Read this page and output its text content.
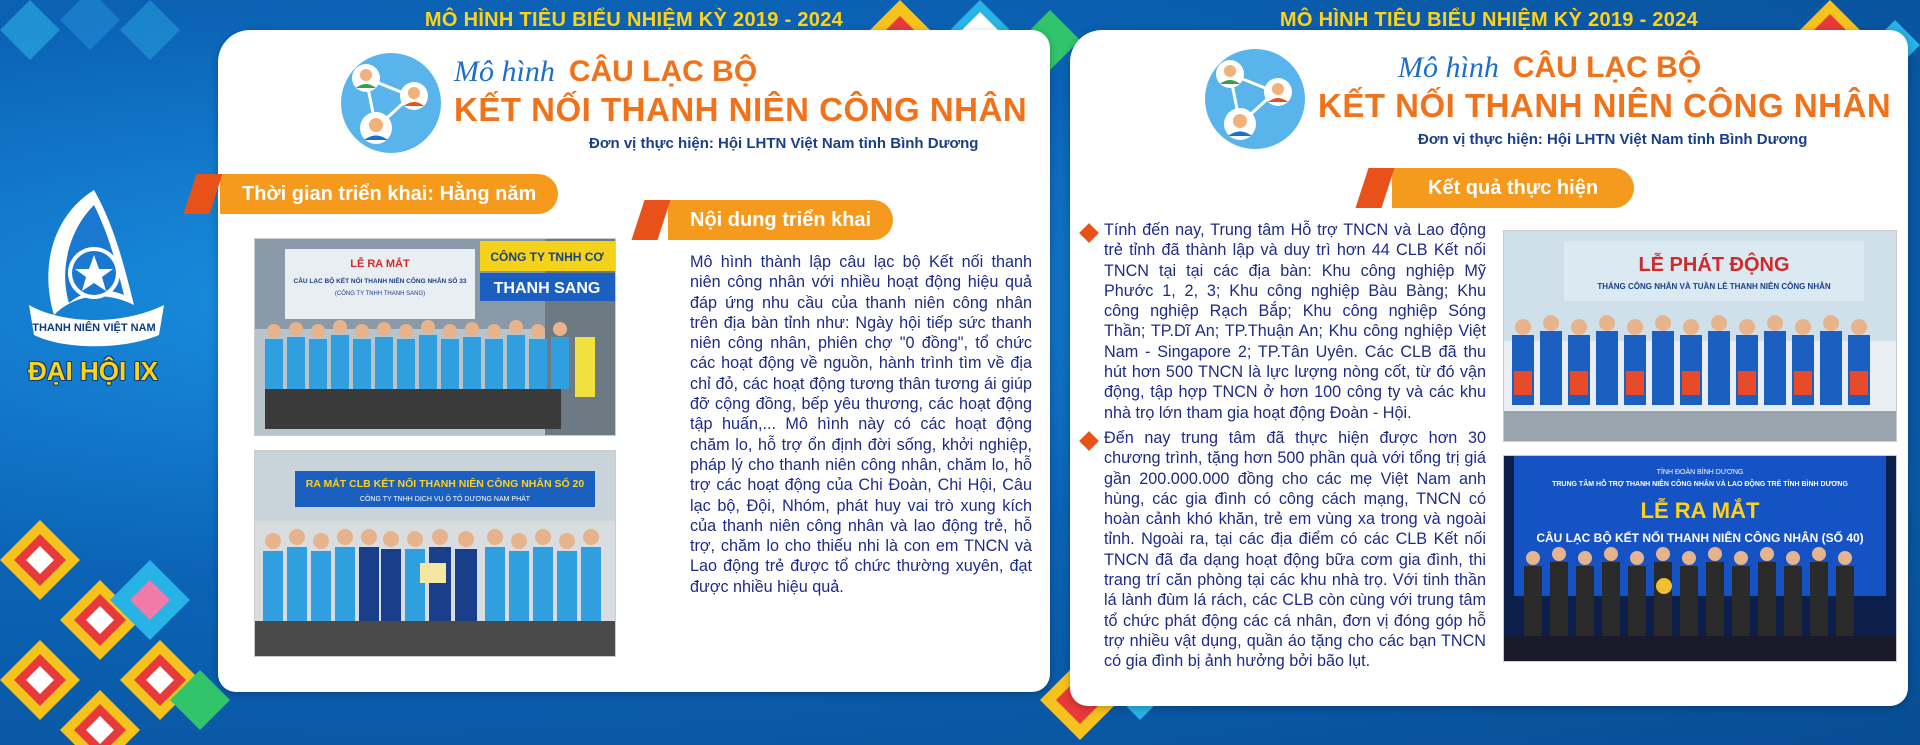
MÔ HÌNH TIÊU BIỂU NHIỆM KỲ 2019 - 2024	MÔ HÌNH TIÊU BIỂU NHIỆM KỲ 2019 - 2024
THANH NIÊN VIỆT NAM
ĐẠI HỘI IX
Mô hình CÂU LẠC BỘ
KẾT NỐI THANH NIÊN CÔNG NHÂN
Đơn vị thực hiện: Hội LHTN Việt Nam tỉnh Bình Dương
Thời gian triển khai: Hằng năm
LỄ RA MẮT
CÂU LẠC BỘ KẾT NỐI THANH NIÊN CÔNG NHÂN SỐ 33
(CÔNG TY TNHH THANH SANG)
CÔNG TY TNHH CƠ
THANH SANG
RA MẮT CLB KẾT NỐI THANH NIÊN CÔNG NHÂN SỐ 20
CÔNG TY TNHH DỊCH VỤ Ô TÔ DƯƠNG NAM PHÁT
Nội dung triển khai
Mô hình thành lập câu lạc bộ Kết nối thanh niên công nhân với nhiều hoạt động hiệu quả đáp ứng nhu cầu của thanh niên công nhân trên địa bàn tỉnh như: Ngày hội tiếp sức thanh niên công nhân, phiên chợ "0 đồng", tổ chức các hoạt động về nguồn, hành trình tìm về địa chỉ đỏ, các hoạt động tương thân tương ái giúp đỡ cộng đồng, bếp yêu thương, các hoạt động tập huấn,... Mô hình này có các hoạt động chăm lo, hỗ trợ ổn định đời sống, khởi nghiệp, pháp lý cho thanh niên công nhân, chăm lo, hỗ trợ các hoạt động của Chi Đoàn, Chi Hội, Câu lạc bộ, Đội, Nhóm, phát huy vai trò xung kích của thanh niên công nhân và lao động trẻ, hỗ trợ, chăm lo cho thiếu nhi là con em TNCN và Lao động trẻ được tổ chức thường xuyên, đạt được nhiều hiệu quả.
Mô hình CÂU LẠC BỘ
KẾT NỐI THANH NIÊN CÔNG NHÂN
Đơn vị thực hiện: Hội LHTN Việt Nam tỉnh Bình Dương
Kết quả thực hiện
Tính đến nay, Trung tâm Hỗ trợ TNCN và Lao động trẻ tỉnh đã thành lập và duy trì hơn 44 CLB Kết nối TNCN tại tại các địa bàn: Khu công nghiệp Mỹ Phước 1, 2, 3; Khu công nghiệp Bàu Bàng; Khu công nghiệp Rạch Bắp; Khu công nghiệp Sóng Thần; TP.Dĩ An; TP.Thuận An; Khu công nghiệp Việt Nam - Singapore 2; TP.Tân Uyên. Các CLB đã thu hút hơn 500 TNCN là lực lượng nòng cốt, từ đó vận động, tập hợp TNCN ở hơn 100 công ty và các khu nhà trọ lớn tham gia hoạt động Đoàn - Hội.
Đến nay trung tâm đã thực hiện được hơn 30 chương trình, tặng hơn 500 phần quà với tổng trị giá gần 200.000.000 đồng cho các mẹ Việt Nam anh hùng, các gia đình có công cách mạng, TNCN có hoàn cảnh khó khăn, trẻ em vùng xa trong và ngoài tỉnh. Ngoài ra, tại các địa điểm có các CLB Kết nối TNCN đã đa dạng hoạt động bữa cơm gia đình, thi trang trí căn phòng tại các khu nhà trọ. Với tinh thần lá lành đùm lá rách, các CLB còn cùng với trung tâm tổ chức phát động các cá nhân, đơn vị đóng góp hỗ trợ nhiều vật dụng, quần áo tặng cho các bạn TNCN có gia đình bị ảnh hưởng bởi bão lụt.
LỄ PHÁT ĐỘNG
THÁNG CÔNG NHÂN VÀ TUẦN LỄ THANH NIÊN CÔNG NHÂN
TỈNH ĐOÀN BÌNH DƯƠNG
TRUNG TÂM HỖ TRỢ THANH NIÊN CÔNG NHÂN VÀ LAO ĐỘNG TRẺ TỈNH BÌNH DƯƠNG
LỄ RA MẮT
CÂU LẠC BỘ KẾT NỐI THANH NIÊN CÔNG NHÂN (SỐ 40)
